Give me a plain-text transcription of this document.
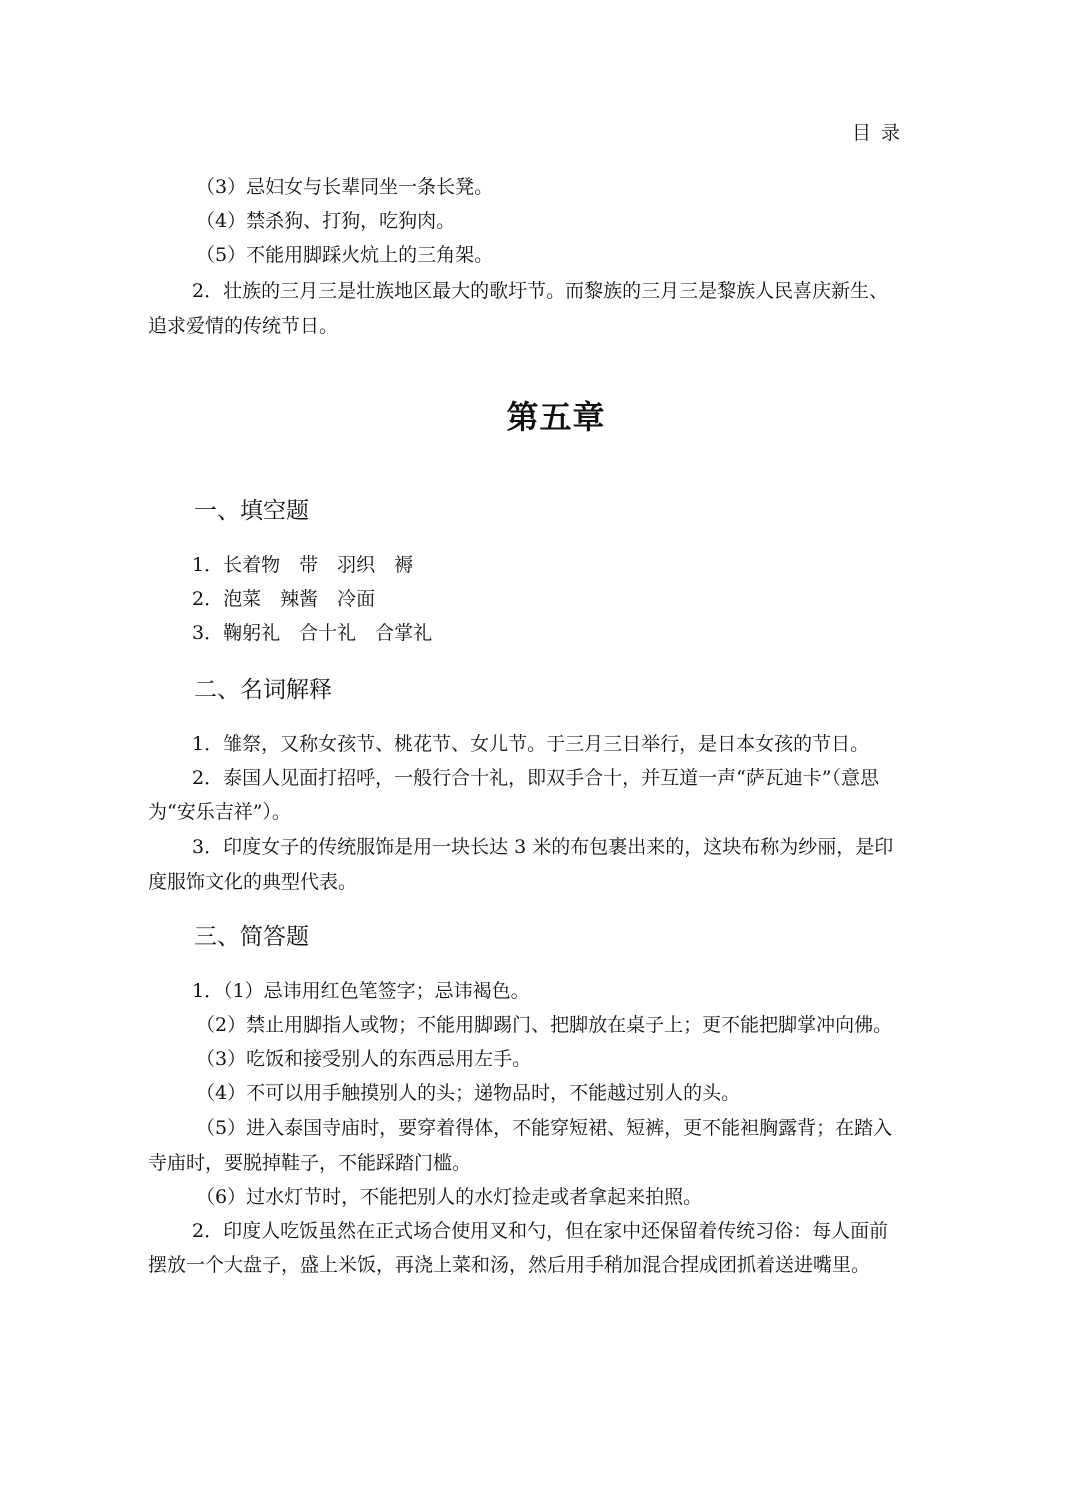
目 录
（3）忌妇女与长辈同坐一条长凳。
（4）禁杀狗、打狗，吃狗肉。
（5）不能用脚踩火炕上的三角架。
2．壮族的三月三是壮族地区最大的歌圩节。而黎族的三月三是黎族人民喜庆新生、
追求爱情的传统节日。
第五章
一、填空题
1．长着物　带　羽织　褥
2．泡菜　辣酱　冷面
3．鞠躬礼　合十礼　合掌礼
二、名词解释
1．雏祭，又称女孩节、桃花节、女儿节。于三月三日举行，是日本女孩的节日。
2．泰国人见面打招呼，一般行合十礼，即双手合十，并互道一声“萨瓦迪卡”（意思
为“安乐吉祥”）。
3．印度女子的传统服饰是用一块长达 3 米的布包裹出来的，这块布称为纱丽，是印
度服饰文化的典型代表。
三、简答题
1．（1）忌讳用红色笔签字；忌讳褐色。
（2）禁止用脚指人或物；不能用脚踢门、把脚放在桌子上；更不能把脚掌冲向佛。
（3）吃饭和接受别人的东西忌用左手。
（4）不可以用手触摸别人的头；递物品时，不能越过别人的头。
（5）进入泰国寺庙时，要穿着得体，不能穿短裙、短裤，更不能袒胸露背；在踏入
寺庙时，要脱掉鞋子，不能踩踏门槛。
（6）过水灯节时，不能把别人的水灯捡走或者拿起来拍照。
2．印度人吃饭虽然在正式场合使用叉和勺，但在家中还保留着传统习俗：每人面前
摆放一个大盘子，盛上米饭，再浇上菜和汤，然后用手稍加混合捏成团抓着送进嘴里。
